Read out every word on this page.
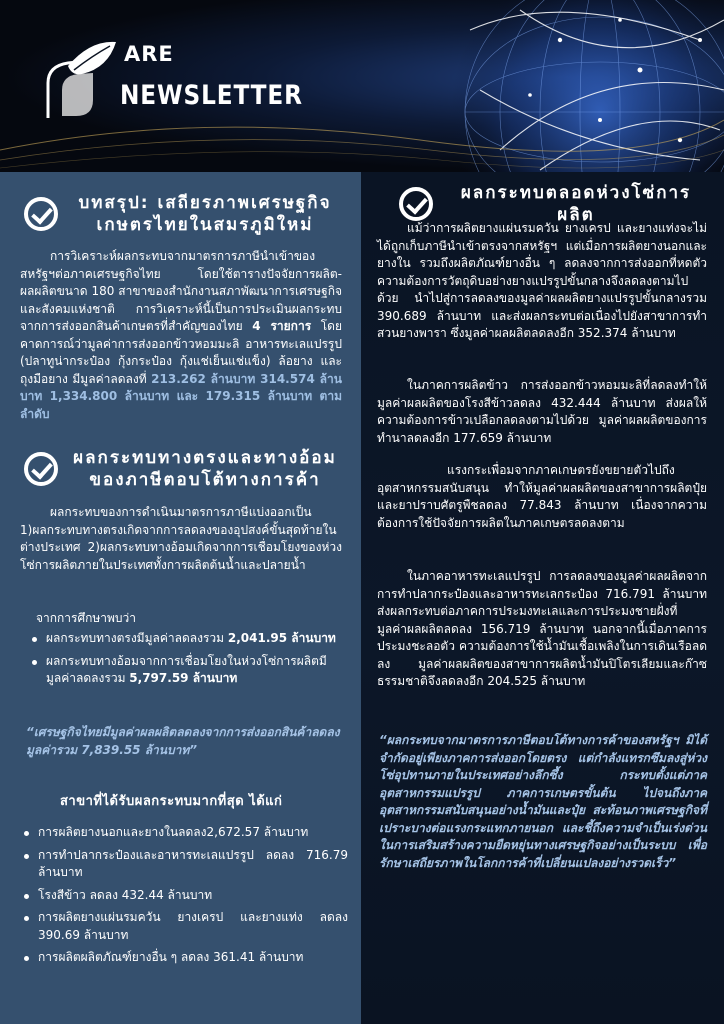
ARE
NEWSLETTER
บทสรุป: เสถียรภาพเศรษฐกิจ
เกษตรไทยในสมรภูมิใหม่
การวิเคราะห์ผลกระทบจากมาตรการภาษีนำเข้าของสหรัฐฯต่อภาคเศรษฐกิจไทย โดยใช้ตารางปัจจัยการผลิต-ผลผลิตขนาด 180 สาขาของสำนักงานสภาพัฒนาการเศรษฐกิจและสังคมแห่งชาติ การวิเคราะห์นี้เป็นการประเมินผลกระทบจากการส่งออกสินค้าเกษตรที่สำคัญของไทย 4 รายการ โดยคาดการณ์ว่ามูลค่าการส่งออกข้าวหอมมะลิ อาหารทะเลแปรรูป (ปลาทูน่ากระป๋อง กุ้งกระป๋อง กุ้งแช่เย็นแช่แข็ง) ล้อยาง และถุงมือยาง มีมูลค่าลดลงที่ 213.262 ล้านบาท 314.574 ล้านบาท 1,334.800 ล้านบาท และ 179.315 ล้านบาท ตามลำดับ
ผลกระทบทางตรงและทางอ้อม
ของภาษีตอบโต้ทางการค้า
ผลกระทบของการดำเนินมาตรการภาษีแบ่งออกเป็น 1)ผลกระทบทางตรงเกิดจากการลดลงของอุปสงค์ขั้นสุดท้ายในต่างประเทศ 2)ผลกระทบทางอ้อมเกิดจากการเชื่อมโยงของห่วงโซ่การผลิตภายในประเทศทั้งการผลิตต้นน้ำและปลายน้ำ
จากการศึกษาพบว่า
ผลกระทบทางตรงมีมูลค่าลดลงรวม 2,041.95 ล้านบาท
ผลกระทบทางอ้อมจากการเชื่อมโยงในห่วงโซ่การผลิตมีมูลค่าลดลงรวม 5,797.59 ล้านบาท
“เศรษฐกิจไทยมีมูลค่าผลผลิตลดลงจากการส่งออกสินค้าลดลงมูลค่ารวม 7,839.55 ล้านบาท”
สาขาที่ได้รับผลกระทบมากที่สุด ได้แก่
การผลิตยางนอกและยางในลดลง2,672.57 ล้านบาท
การทำปลากระป๋องและอาหารทะเลแปรรูป ลดลง 716.79 ล้านบาท
โรงสีข้าว ลดลง 432.44 ล้านบาท
การผลิตยางแผ่นรมควัน ยางเครป และยางแท่ง ลดลง 390.69 ล้านบาท
การผลิตผลิตภัณฑ์ยางอื่น ๆ ลดลง 361.41 ล้านบาท
ผลกระทบตลอดห่วงโซ่การผลิต
แม้ว่าการผลิตยางแผ่นรมควัน ยางเครป และยางแท่งจะไม่ได้ถูกเก็บภาษีนำเข้าตรงจากสหรัฐฯ แต่เมื่อการผลิตยางนอกและยางใน รวมถึงผลิตภัณฑ์ยางอื่น ๆ ลดลงจากการส่งออกที่หดตัว ความต้องการวัตถุดิบอย่างยางแปรรูปขั้นกลางจึงลดลงตามไปด้วย นำไปสู่การลดลงของมูลค่าผลผลิตยางแปรรูปขั้นกลางรวม 390.689 ล้านบาท และส่งผลกระทบต่อเนื่องไปยังสาขาการทำสวนยางพารา ซึ่งมูลค่าผลผลิตลดลงอีก 352.374 ล้านบาท
ในภาคการผลิตข้าว การส่งออกข้าวหอมมะลิที่ลดลงทำให้มูลค่าผลผลิตของโรงสีข้าวลดลง 432.444 ล้านบาท ส่งผลให้ความต้องการข้าวเปลือกลดลงตามไปด้วย มูลค่าผลผลิตของการทำนาลดลงอีก 177.659 ล้านบาท
แรงกระเพื่อมจากภาคเกษตรยังขยายตัวไปถึงอุตสาหกรรมสนับสนุน ทำให้มูลค่าผลผลิตของสาขาการผลิตปุ๋ยและยาปราบศัตรูพืชลดลง 77.843 ล้านบาท เนื่องจากความต้องการใช้ปัจจัยการผลิตในภาคเกษตรลดลงตาม
ในภาคอาหารทะเลแปรรูป การลดลงของมูลค่าผลผลิตจากการทำปลากระป๋องและอาหารทะเลกระป๋อง 716.791 ล้านบาท ส่งผลกระทบต่อภาคการประมงทะเลและการประมงชายฝั่งที่มูลค่าผลผลิตลดลง 156.719 ล้านบาท นอกจากนี้เมื่อภาคการประมงชะลอตัว ความต้องการใช้น้ำมันเชื้อเพลิงในการเดินเรือลดลง มูลค่าผลผลิตของสาขาการผลิตน้ำมันปิโตรเลียมและก๊าซธรรมชาติจึงลดลงอีก 204.525 ล้านบาท
“ผลกระทบจากมาตรการภาษีตอบโต้ทางการค้าของสหรัฐฯ มิได้จำกัดอยู่เพียงภาคการส่งออกโดยตรง แต่กำลังแทรกซึมลงสู่ห่วงโซ่อุปทานภายในประเทศอย่างลึกซึ้ง กระทบตั้งแต่ภาคอุตสาหกรรมแปรรูป ภาคการเกษตรขั้นต้น ไปจนถึงภาคอุตสาหกรรมสนับสนุนอย่างน้ำมันและปุ๋ย สะท้อนภาพเศรษฐกิจที่เปราะบางต่อแรงกระแทกภายนอก และชี้ถึงความจำเป็นเร่งด่วนในการเสริมสร้างความยืดหยุ่นทางเศรษฐกิจอย่างเป็นระบบ เพื่อรักษาเสถียรภาพในโลกการค้าที่เปลี่ยนแปลงอย่างรวดเร็ว”
